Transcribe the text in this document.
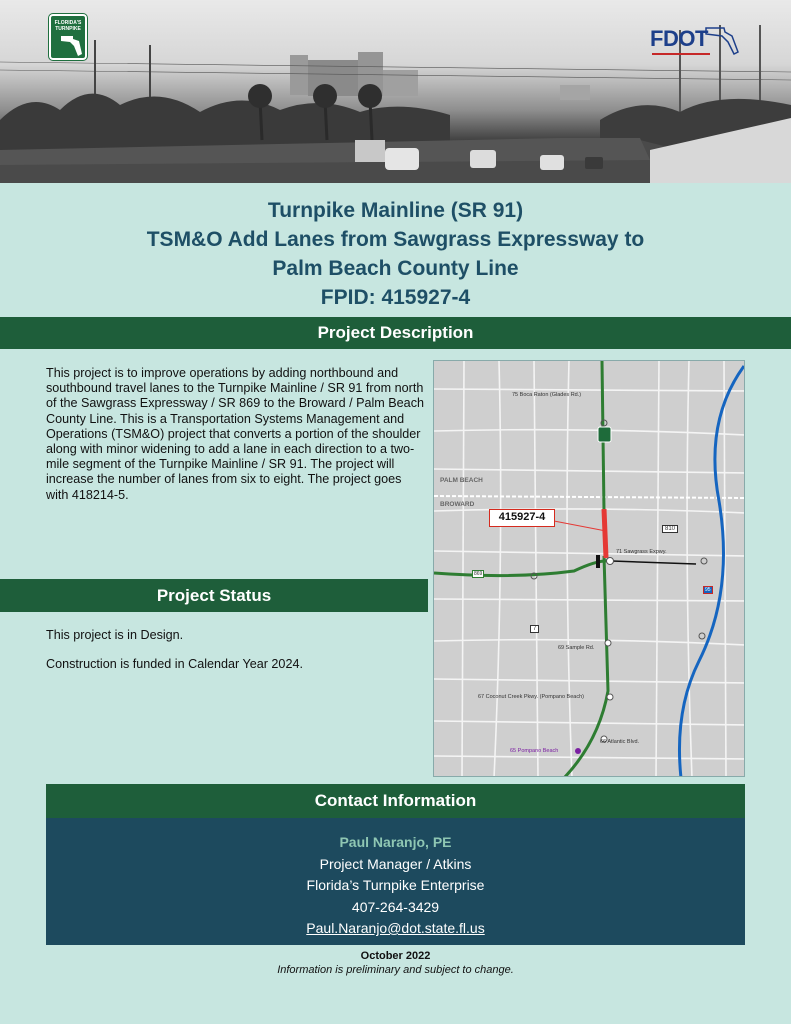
FLORIDA'S TURNPIKE	FDOT
Turnpike Mainline (SR 91)
TSM&O Add Lanes from Sawgrass Expressway to
Palm Beach County Line
FPID: 415927-4
Project Description
This project is to improve operations by adding northbound and southbound travel lanes to the Turnpike Mainline / SR 91 from north of the Sawgrass Expressway / SR 869 to the Broward / Palm Beach County Line. This is a Transportation Systems Management and Operations (TSM&O) project that converts a portion of the shoulder along with minor widening to add a lane in each direction to a two-mile segment of the Turnpike Mainline / SR 91. The project will increase the number of lanes from six to eight. The project goes with 418214-5.
Project Status

This project is in Design.

Construction is funded in Calendar Year 2024.

PALM BEACH
BROWARD
415927-4
75 Boca Raton (Glades Rd.)
71 Sawgrass Expwy.
69 Sample Rd.
67 Coconut Creek Pkwy. (Pompano Beach)
66 Atlantic Blvd.
65 Pompano Beach
869
810
7
95
Contact Information
Paul Naranjo, PE
Project Manager / Atkins
Florida’s Turnpike Enterprise
407-264-3429
Paul.Naranjo@dot.state.fl.us
October 2022
Information is preliminary and subject to change.
